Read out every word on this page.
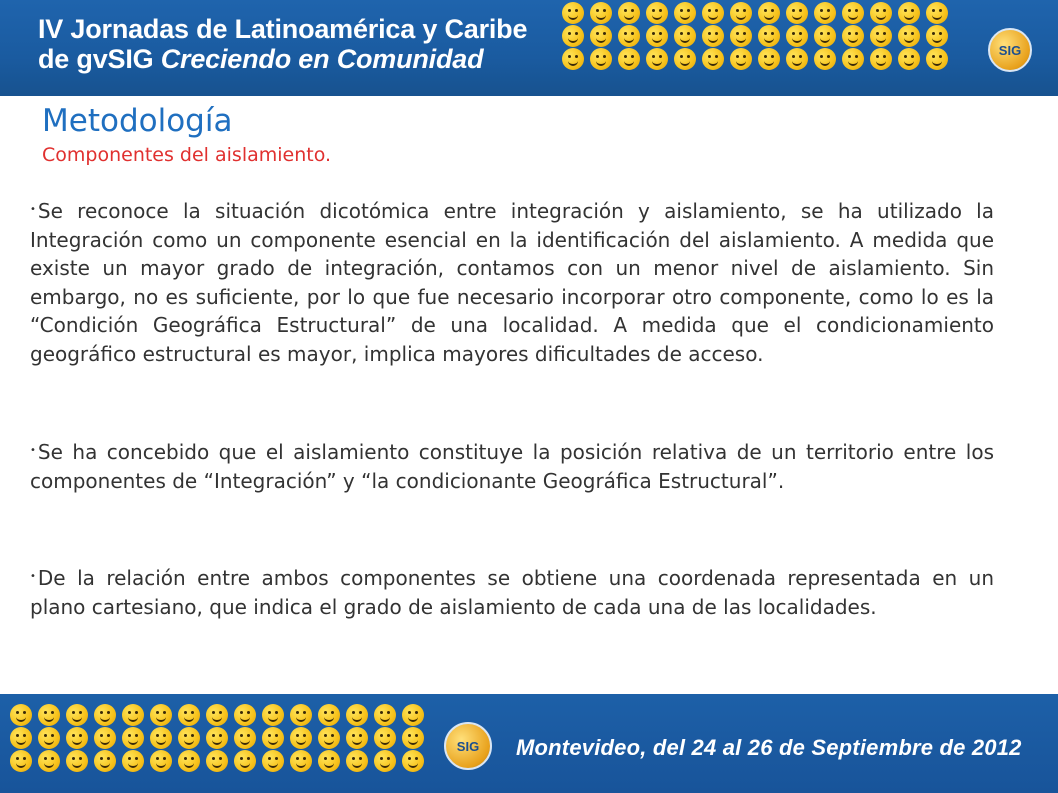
IV Jornadas de Latinoamérica y Caribe
de gvSIG Creciendo en Comunidad	SIG
Metodología
Componentes del aislamiento.

• Se reconoce la situación dicotómica entre integración y aislamiento, se ha utilizado la Integración como un componente esencial en la identificación del aislamiento. A medida que existe un mayor grado de integración, contamos con un menor nivel de aislamiento. Sin embargo, no es suficiente, por lo que fue necesario incorporar otro componente, como lo es la “Condición Geográfica Estructural” de una localidad. A medida que el condicionamiento geográfico estructural es mayor, implica mayores dificultades de acceso.

• Se ha concebido que el aislamiento constituye la posición relativa de un territorio entre los componentes de “Integración” y “la condicionante Geográfica Estructural”.

• De la relación entre ambos componentes se obtiene una coordenada representada en un plano cartesiano, que indica el grado de aislamiento de cada una de las localidades.

SIG	Montevideo, del 24 al 26 de Septiembre de 2012
